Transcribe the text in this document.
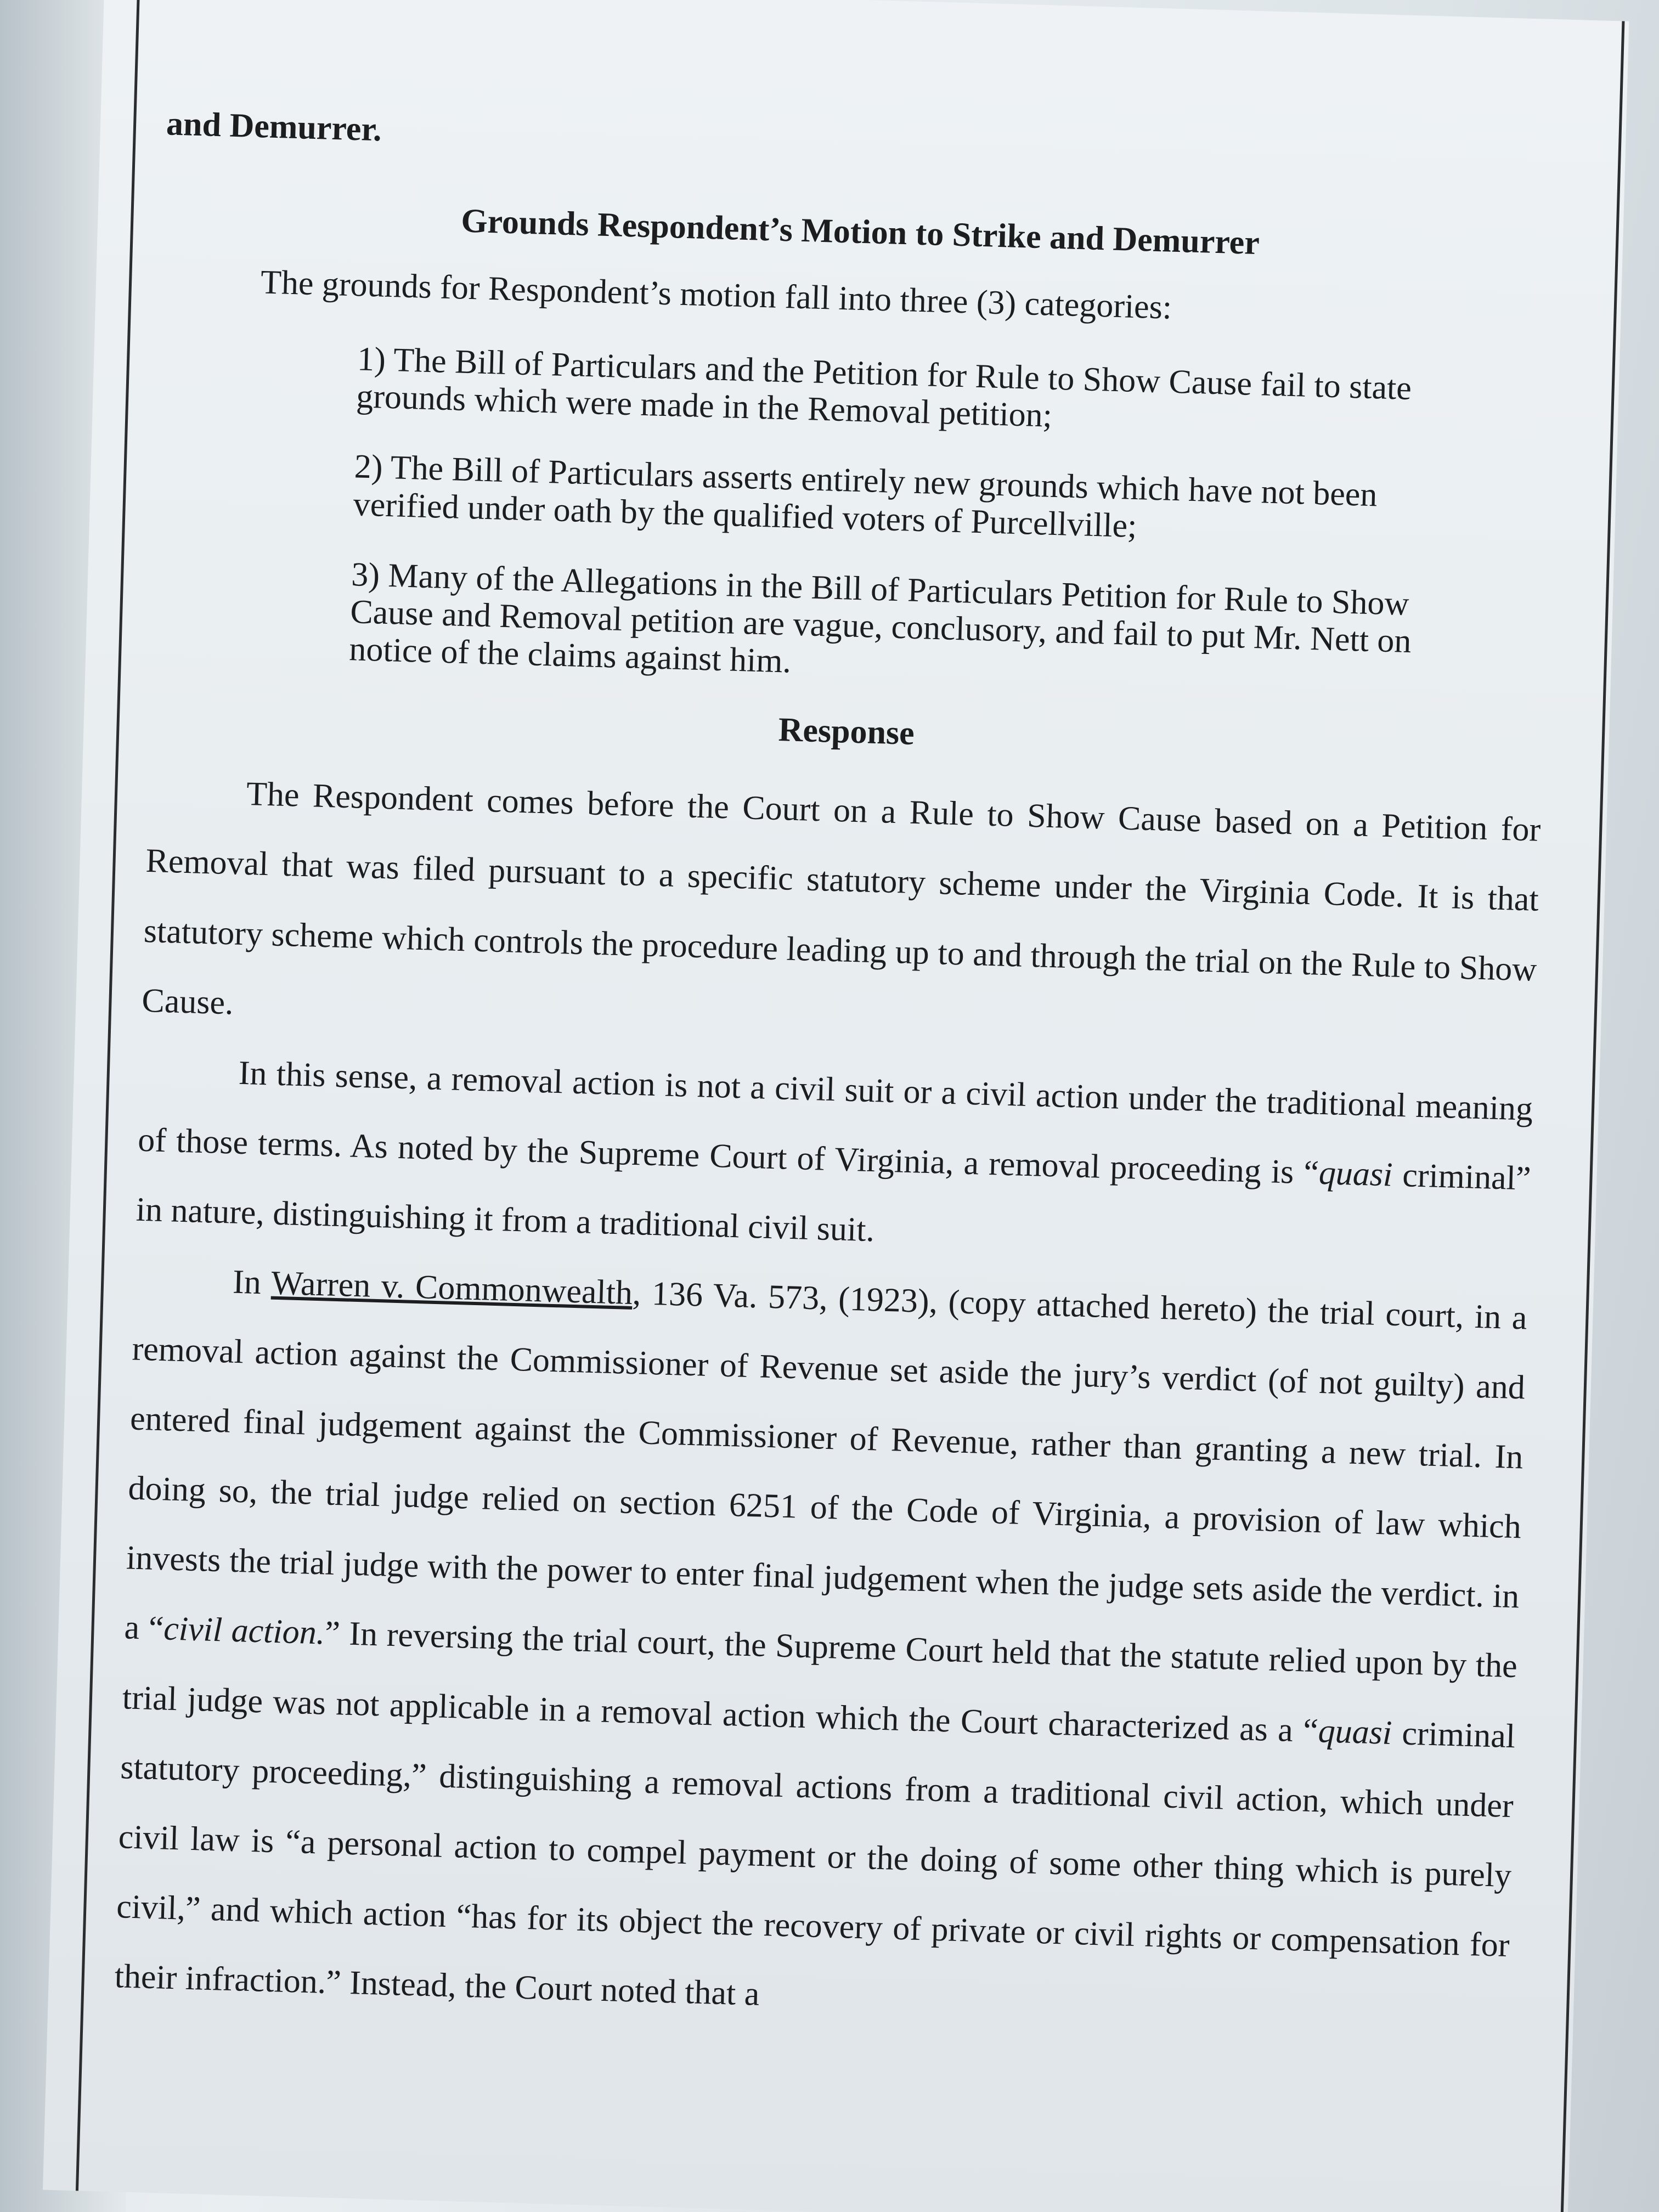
and Demurrer.

Grounds Respondent’s Motion to Strike and Demurrer

The grounds for Respondent’s motion fall into three (3) categories:

1) The Bill of Particulars and the Petition for Rule to Show Cause fail to state grounds which were made in the Removal petition;

2) The Bill of Particulars asserts entirely new grounds which have not been verified under oath by the qualified voters of Purcellville;

3) Many of the Allegations in the Bill of Particulars Petition for Rule to Show Cause and Removal petition are vague, conclusory, and fail to put Mr. Nett on notice of the claims against him.

Response

The Respondent comes before the Court on a Rule to Show Cause based on a Petition for Removal that was filed pursuant to a specific statutory scheme under the Virginia Code. It is that statutory scheme which controls the procedure leading up to and through the trial on the Rule to Show Cause.

In this sense, a removal action is not a civil suit or a civil action under the traditional meaning of those terms. As noted by the Supreme Court of Virginia, a removal proceeding is “quasi criminal” in nature, distinguishing it from a traditional civil suit.

In Warren v. Commonwealth, 136 Va. 573, (1923), (copy attached hereto) the trial court, in a removal action against the Commissioner of Revenue set aside the jury’s verdict (of not guilty) and entered final judgement against the Commissioner of Revenue, rather than granting a new trial. In doing so, the trial judge relied on section 6251 of the Code of Virginia, a provision of law which invests the trial judge with the power to enter final judgement when the judge sets aside the verdict. in a “civil action.” In reversing the trial court, the Supreme Court held that the statute relied upon by the trial judge was not applicable in a removal action which the Court characterized as a “quasi criminal statutory proceeding,” distinguishing a removal actions from a traditional civil action, which under civil law is “a personal action to compel payment or the doing of some other thing which is purely civil,” and which action “has for its object the recovery of private or civil rights or compensation for their infraction.” Instead, the Court noted that a
